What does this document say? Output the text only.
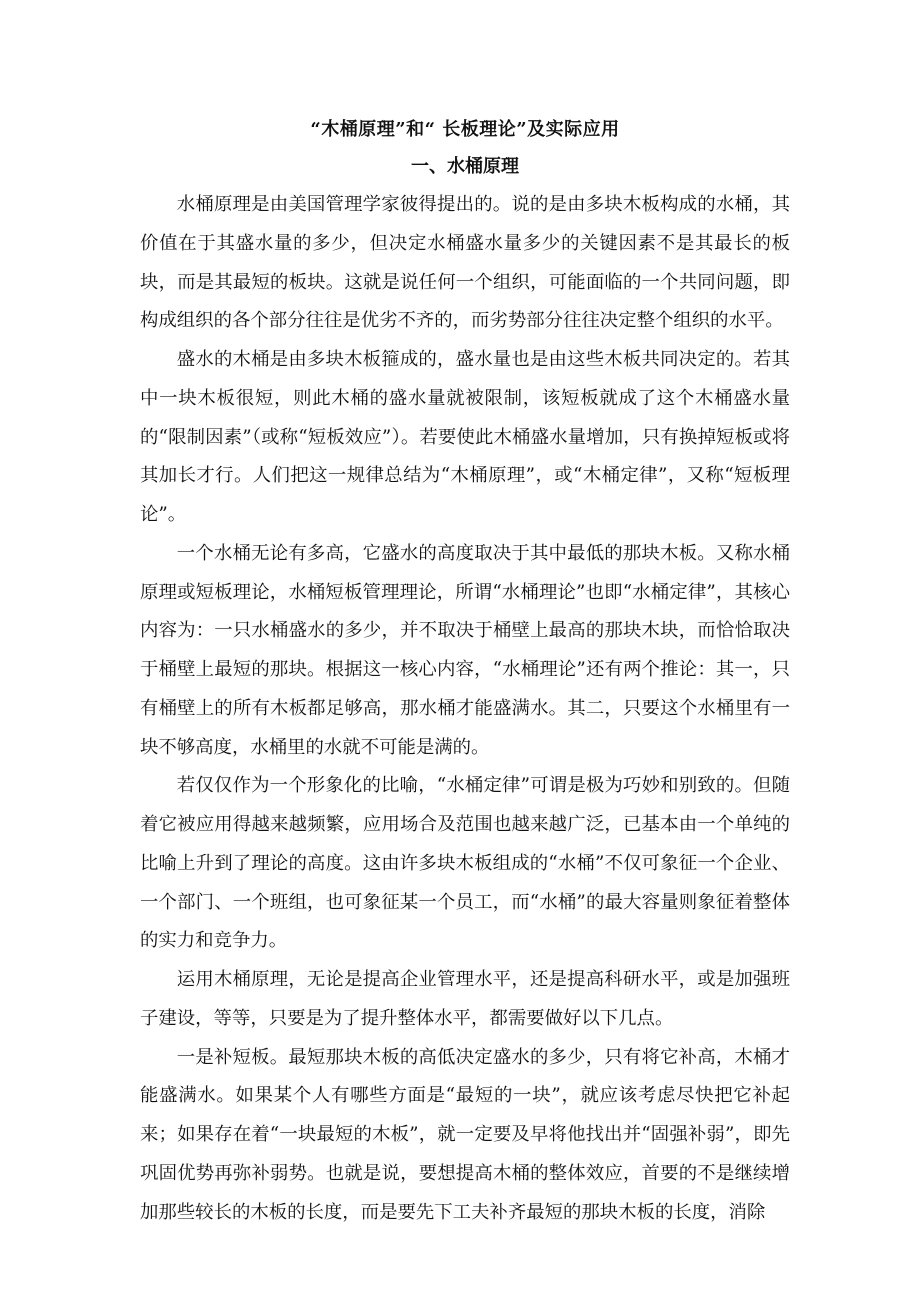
“木桶原理”和“ 长板理论”及实际应用
一、水桶原理

水桶原理是由美国管理学家彼得提出的。说的是由多块木板构成的水桶，其价值在于其盛水量的多少，但决定水桶盛水量多少的关键因素不是其最长的板块，而是其最短的板块。这就是说任何一个组织，可能面临的一个共同问题，即构成组织的各个部分往往是优劣不齐的，而劣势部分往往决定整个组织的水平。

盛水的木桶是由多块木板箍成的，盛水量也是由这些木板共同决定的。若其中一块木板很短，则此木桶的盛水量就被限制，该短板就成了这个木桶盛水量的“限制因素”（或称“短板效应”）。若要使此木桶盛水量增加，只有换掉短板或将其加长才行。人们把这一规律总结为“木桶原理”，或“木桶定律”，又称“短板理论”。

一个水桶无论有多高，它盛水的高度取决于其中最低的那块木板。又称水桶原理或短板理论，水桶短板管理理论，所谓“水桶理论”也即“水桶定律”，其核心内容为：一只水桶盛水的多少，并不取决于桶壁上最高的那块木块，而恰恰取决于桶壁上最短的那块。根据这一核心内容，“水桶理论”还有两个推论：其一，只有桶壁上的所有木板都足够高，那水桶才能盛满水。其二，只要这个水桶里有一块不够高度，水桶里的水就不可能是满的。

若仅仅作为一个形象化的比喻，“水桶定律”可谓是极为巧妙和别致的。但随着它被应用得越来越频繁，应用场合及范围也越来越广泛，已基本由一个单纯的比喻上升到了理论的高度。这由许多块木板组成的“水桶”不仅可象征一个企业、一个部门、一个班组，也可象征某一个员工，而“水桶”的最大容量则象征着整体的实力和竞争力。

运用木桶原理，无论是提高企业管理水平，还是提高科研水平，或是加强班子建设，等等，只要是为了提升整体水平，都需要做好以下几点。

一是补短板。最短那块木板的高低决定盛水的多少，只有将它补高，木桶才能盛满水。如果某个人有哪些方面是“最短的一块”，就应该考虑尽快把它补起来；如果存在着“一块最短的木板”，就一定要及早将他找出并“固强补弱”，即先巩固优势再弥补弱势。也就是说，要想提高木桶的整体效应，首要的不是继续增加那些较长的木板的长度，而是要先下工夫补齐最短的那块木板的长度，消除
